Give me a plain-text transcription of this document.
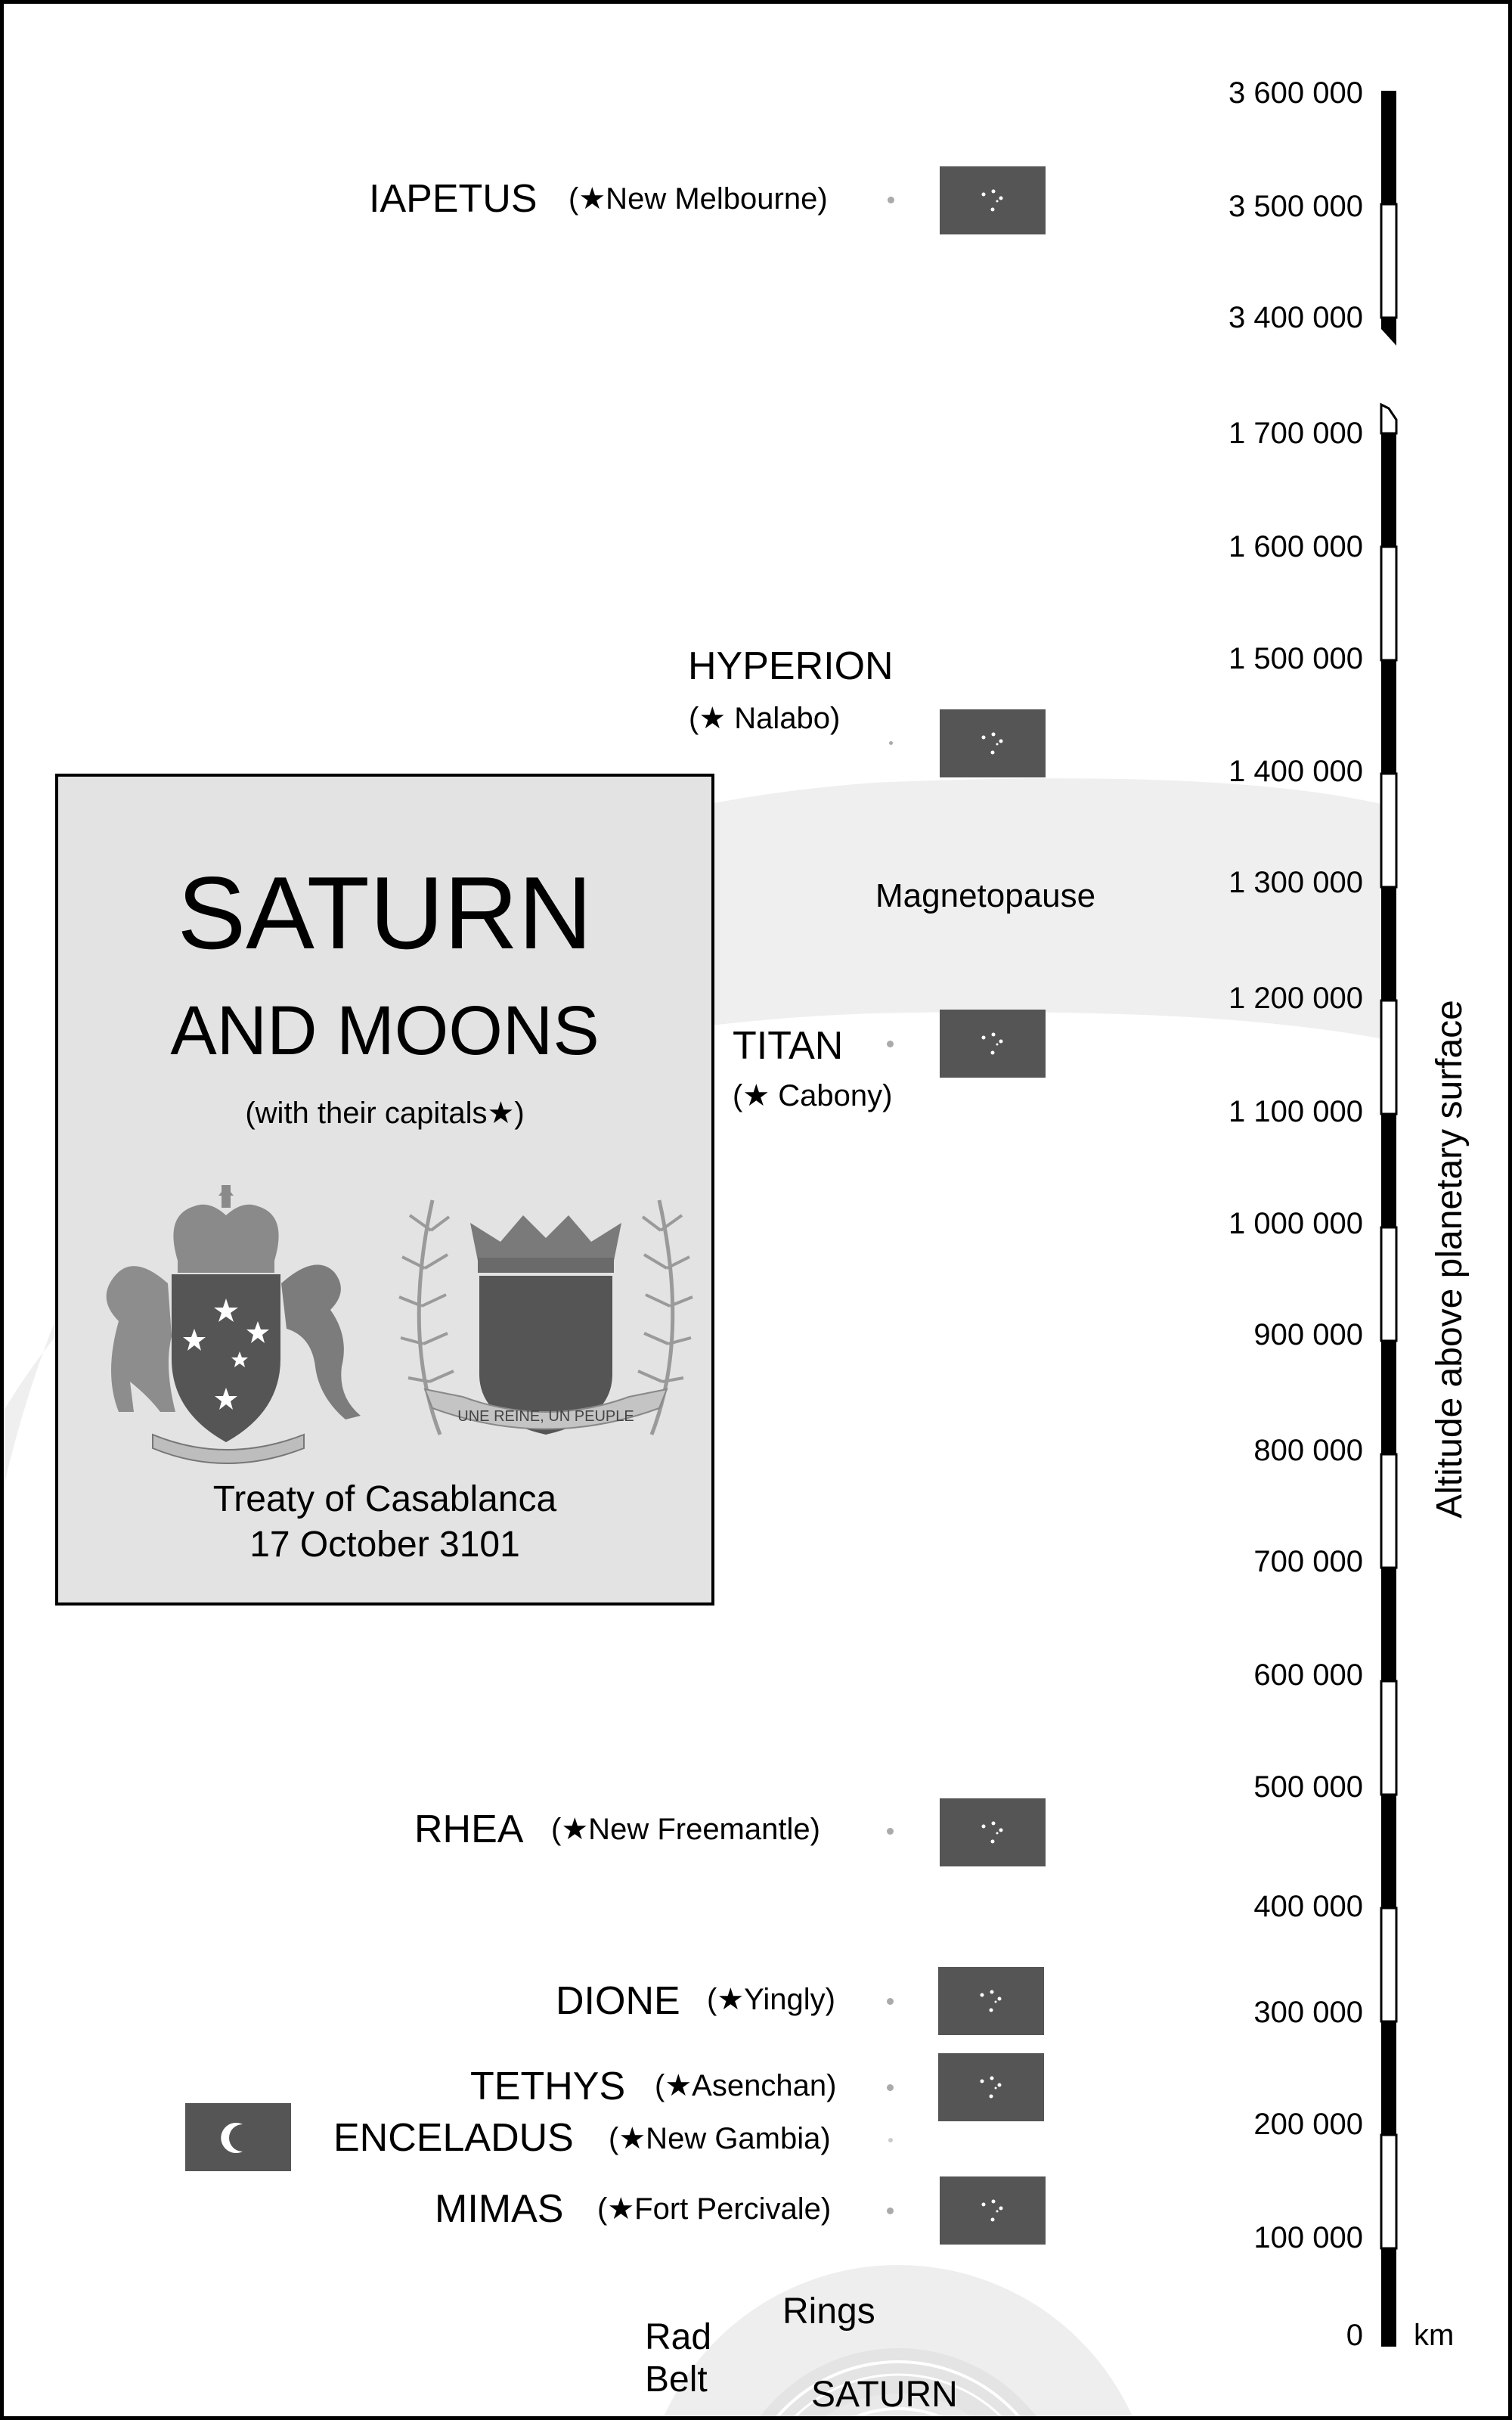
3 600 000
3 500 000
3 400 000
1 700 000
1 600 000
1 500 000
1 400 000
1 300 000
1 200 000
1 100 000
1 000 000
900 000
800 000
700 000
600 000
500 000
400 000
300 000
200 000
100 000
0 km
Altitude above planetary surface
Magnetopause
Rings
Rad
Belt	SATURN
IAPETUS (★New Melbourne)
HYPERION
(★ Nalabo)
TITAN
(★ Cabony)
RHEA (★New Freemantle)
DIONE (★Yingly)
TETHYS (★Asenchan)
ENCELADUS (★New Gambia)
MIMAS (★Fort Percivale)
SATURN
AND MOONS
(with their capitals★)
UNE REINE, UN PEUPLE
Treaty of Casablanca
17 October 3101
